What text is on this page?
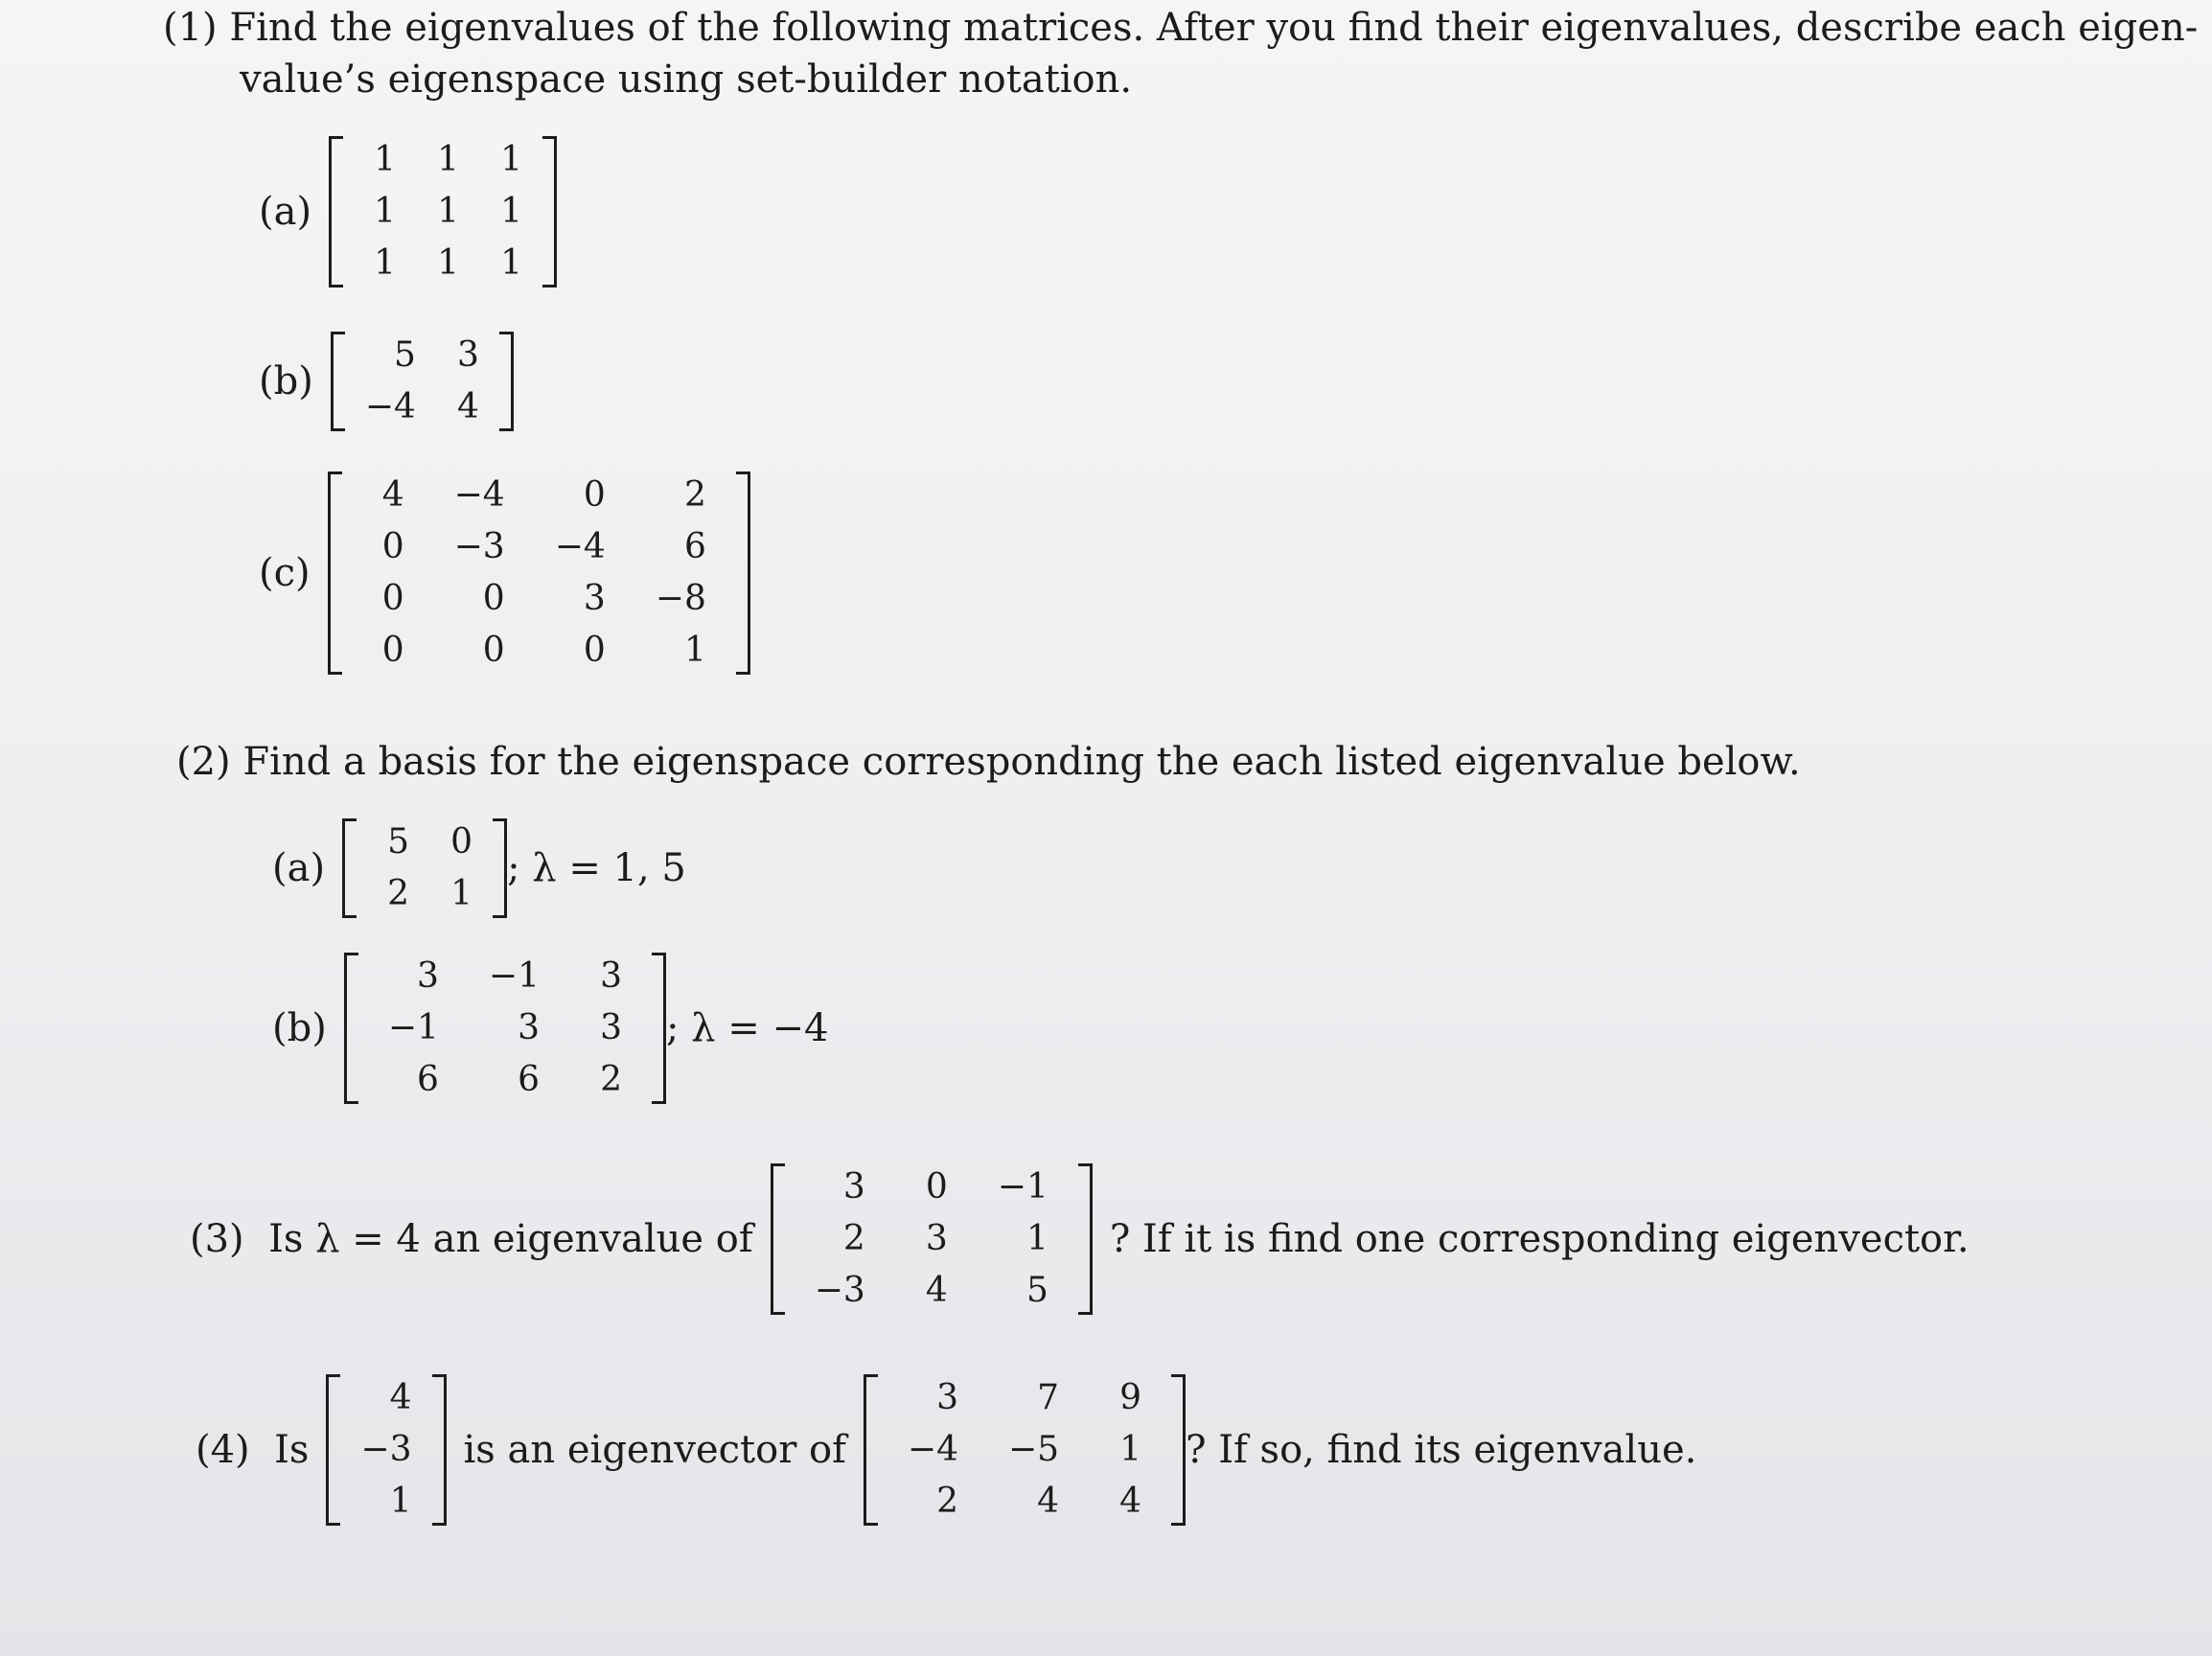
(1) Find the eigenvalues of the following matrices. After you find their eigenvalues, describe each eigen-
value’s eigenspace using set-builder notation.
(a)
1	1	1
1	1	1
1	1	1
(b)
5	3
−4	4
(c)
4	−4	0	2
0	−3	−4	6
0	0	3	−8
0	0	0	1
(2) Find a basis for the eigenspace corresponding the each listed eigenvalue below.
(a)
5	0
2	1
; λ = 1, 5
(b)
3	−1	3
−1	3	3
6	6	2
; λ = −4
(3)  Is λ = 4 an eigenvalue of
3	0	−1
2	3	1
−3	4	5
? If it is find one corresponding eigenvector.
(4)  Is
4
−3
1
is an eigenvector of
3	7	9
−4	−5	1
2	4	4
? If so, find its eigenvalue.
